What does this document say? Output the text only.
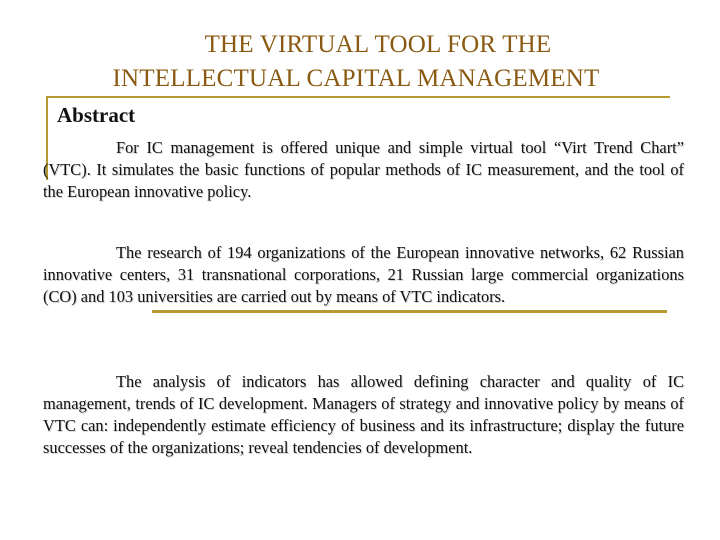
THE VIRTUAL TOOL FOR THE
INTELLECTUAL CAPITAL MANAGEMENT
Abstract

For IC management is offered unique and simple virtual tool “Virt Trend Chart” (VTC). It simulates the basic functions of popular methods of IC measurement, and the tool of the European innovative policy.

The research of 194 organizations of the European innovative networks, 62 Russian innovative centers, 31 transnational corporations, 21 Russian large commercial organizations (CO) and 103 universities are carried out by means of VTC indicators.

The analysis of indicators has allowed defining character and quality of IC management, trends of IC development. Managers of strategy and innovative policy by means of VTC can: independently estimate efficiency of business and its infrastructure; display the future successes of the organizations; reveal tendencies of development.
